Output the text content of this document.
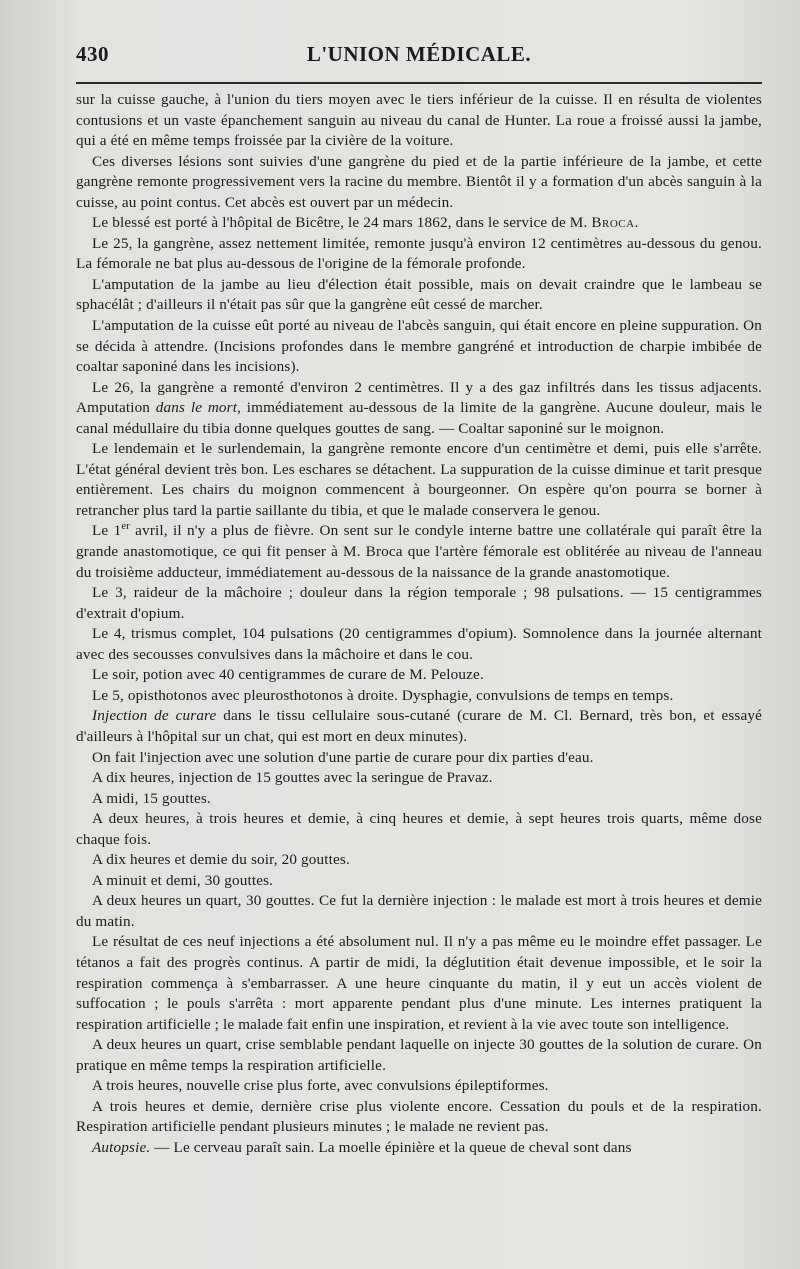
430	L'UNION MÉDICALE.

sur la cuisse gauche, à l'union du tiers moyen avec le tiers inférieur de la cuisse. Il en résulta de violentes contusions et un vaste épanchement sanguin au niveau du canal de Hunter. La roue a froissé aussi la jambe, qui a été en même temps froissée par la civière de la voiture.

Ces diverses lésions sont suivies d'une gangrène du pied et de la partie inférieure de la jambe, et cette gangrène remonte progressivement vers la racine du membre. Bientôt il y a formation d'un abcès sanguin à la cuisse, au point contus. Cet abcès est ouvert par un médecin.

Le blessé est porté à l'hôpital de Bicêtre, le 24 mars 1862, dans le service de M. Broca.

Le 25, la gangrène, assez nettement limitée, remonte jusqu'à environ 12 centimètres au-dessous du genou. La fémorale ne bat plus au-dessous de l'origine de la fémorale profonde.

L'amputation de la jambe au lieu d'élection était possible, mais on devait craindre que le lambeau se sphacélât ; d'ailleurs il n'était pas sûr que la gangrène eût cessé de marcher.

L'amputation de la cuisse eût porté au niveau de l'abcès sanguin, qui était encore en pleine suppuration. On se décida à attendre. (Incisions profondes dans le membre gangréné et introduction de charpie imbibée de coaltar saponiné dans les incisions).

Le 26, la gangrène a remonté d'environ 2 centimètres. Il y a des gaz infiltrés dans les tissus adjacents. Amputation dans le mort, immédiatement au-dessous de la limite de la gangrène. Aucune douleur, mais le canal médullaire du tibia donne quelques gouttes de sang. — Coaltar saponiné sur le moignon.

Le lendemain et le surlendemain, la gangrène remonte encore d'un centimètre et demi, puis elle s'arrête. L'état général devient très bon. Les eschares se détachent. La suppuration de la cuisse diminue et tarit presque entièrement. Les chairs du moignon commencent à bourgeonner. On espère qu'on pourra se borner à retrancher plus tard la partie saillante du tibia, et que le malade conservera le genou.

Le 1er avril, il n'y a plus de fièvre. On sent sur le condyle interne battre une collatérale qui paraît être la grande anastomotique, ce qui fit penser à M. Broca que l'artère fémorale est oblitérée au niveau de l'anneau du troisième adducteur, immédiatement au-dessous de la naissance de la grande anastomotique.

Le 3, raideur de la mâchoire ; douleur dans la région temporale ; 98 pulsations. — 15 centigrammes d'extrait d'opium.

Le 4, trismus complet, 104 pulsations (20 centigrammes d'opium). Somnolence dans la journée alternant avec des secousses convulsives dans la mâchoire et dans le cou.

Le soir, potion avec 40 centigrammes de curare de M. Pelouze.

Le 5, opisthotonos avec pleurosthotonos à droite. Dysphagie, convulsions de temps en temps.

Injection de curare dans le tissu cellulaire sous-cutané (curare de M. Cl. Bernard, très bon, et essayé d'ailleurs à l'hôpital sur un chat, qui est mort en deux minutes).

On fait l'injection avec une solution d'une partie de curare pour dix parties d'eau.

A dix heures, injection de 15 gouttes avec la seringue de Pravaz.

A midi, 15 gouttes.

A deux heures, à trois heures et demie, à cinq heures et demie, à sept heures trois quarts, même dose chaque fois.

A dix heures et demie du soir, 20 gouttes.

A minuit et demi, 30 gouttes.

A deux heures un quart, 30 gouttes. Ce fut la dernière injection : le malade est mort à trois heures et demie du matin.

Le résultat de ces neuf injections a été absolument nul. Il n'y a pas même eu le moindre effet passager. Le tétanos a fait des progrès continus. A partir de midi, la déglutition était devenue impossible, et le soir la respiration commença à s'embarrasser. A une heure cinquante du matin, il y eut un accès violent de suffocation ; le pouls s'arrêta : mort apparente pendant plus d'une minute. Les internes pratiquent la respiration artificielle ; le malade fait enfin une inspiration, et revient à la vie avec toute son intelligence.

A deux heures un quart, crise semblable pendant laquelle on injecte 30 gouttes de la solution de curare. On pratique en même temps la respiration artificielle.

A trois heures, nouvelle crise plus forte, avec convulsions épileptiformes.

A trois heures et demie, dernière crise plus violente encore. Cessation du pouls et de la respiration. Respiration artificielle pendant plusieurs minutes ; le malade ne revient pas.

Autopsie. — Le cerveau paraît sain. La moelle épinière et la queue de cheval sont dans
